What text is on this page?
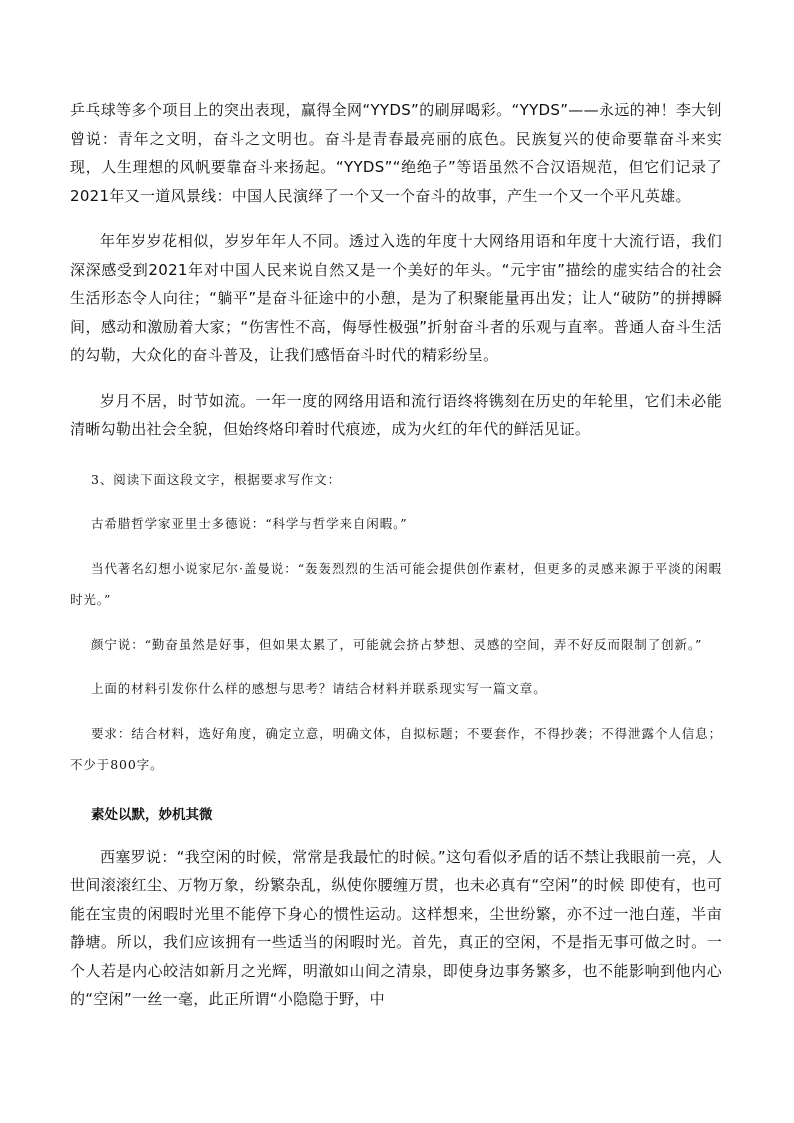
乒乓球等多个项目上的突出表现，赢得全网“YYDS”的刷屏喝彩。“YYDS”——永远的神！李大钊曾说：青年之文明，奋斗之文明也。奋斗是青春最亮丽的底色。民族复兴的使命要靠奋斗来实现，人生理想的风帆要靠奋斗来扬起。“YYDS”“绝绝子”等语虽然不合汉语规范，但它们记录了2021年又一道风景线：中国人民演绎了一个又一个奋斗的故事，产生一个又一个平凡英雄。

年年岁岁花相似，岁岁年年人不同。透过入选的年度十大网络用语和年度十大流行语，我们深深感受到2021年对中国人民来说自然又是一个美好的年头。“元宇宙”描绘的虚实结合的社会生活形态令人向往；“躺平”是奋斗征途中的小憩，是为了积聚能量再出发；让人“破防”的拼搏瞬间，感动和激励着大家；“伤害性不高，侮辱性极强”折射奋斗者的乐观与直率。普通人奋斗生活的勾勒，大众化的奋斗普及，让我们感悟奋斗时代的精彩纷呈。

岁月不居，时节如流。一年一度的网络用语和流行语终将镌刻在历史的年轮里，它们未必能清晰勾勒出社会全貌，但始终烙印着时代痕迹，成为火红的年代的鲜活见证。

3、阅读下面这段文字，根据要求写作文：

古希腊哲学家亚里士多德说：“科学与哲学来自闲暇。”

当代著名幻想小说家尼尔·盖曼说：“轰轰烈烈的生活可能会提供创作素材，但更多的灵感来源于平淡的闲暇时光。”

颜宁说：“勤奋虽然是好事，但如果太累了，可能就会挤占梦想、灵感的空间，弄不好反而限制了创新。”

上面的材料引发你什么样的感想与思考？请结合材料并联系现实写一篇文章。

要求：结合材料，选好角度，确定立意，明确文体，自拟标题；不要套作，不得抄袭；不得泄露个人信息；不少于800字。

素处以默，妙机其微

西塞罗说：“我空闲的时候，常常是我最忙的时候。”这句看似矛盾的话不禁让我眼前一亮，人世间滚滚红尘、万物万象，纷繁杂乱，纵使你腰缠万贯，也未必真有“空闲”的时候 即使有，也可能在宝贵的闲暇时光里不能停下身心的惯性运动。这样想来，尘世纷繁，亦不过一池白莲，半亩静塘。所以，我们应该拥有一些适当的闲暇时光。首先，真正的空闲，不是指无事可做之时。一个人若是内心皎洁如新月之光辉，明澈如山间之清泉，即使身边事务繁多，也不能影响到他内心的“空闲”一丝一毫，此正所谓“小隐隐于野，中
